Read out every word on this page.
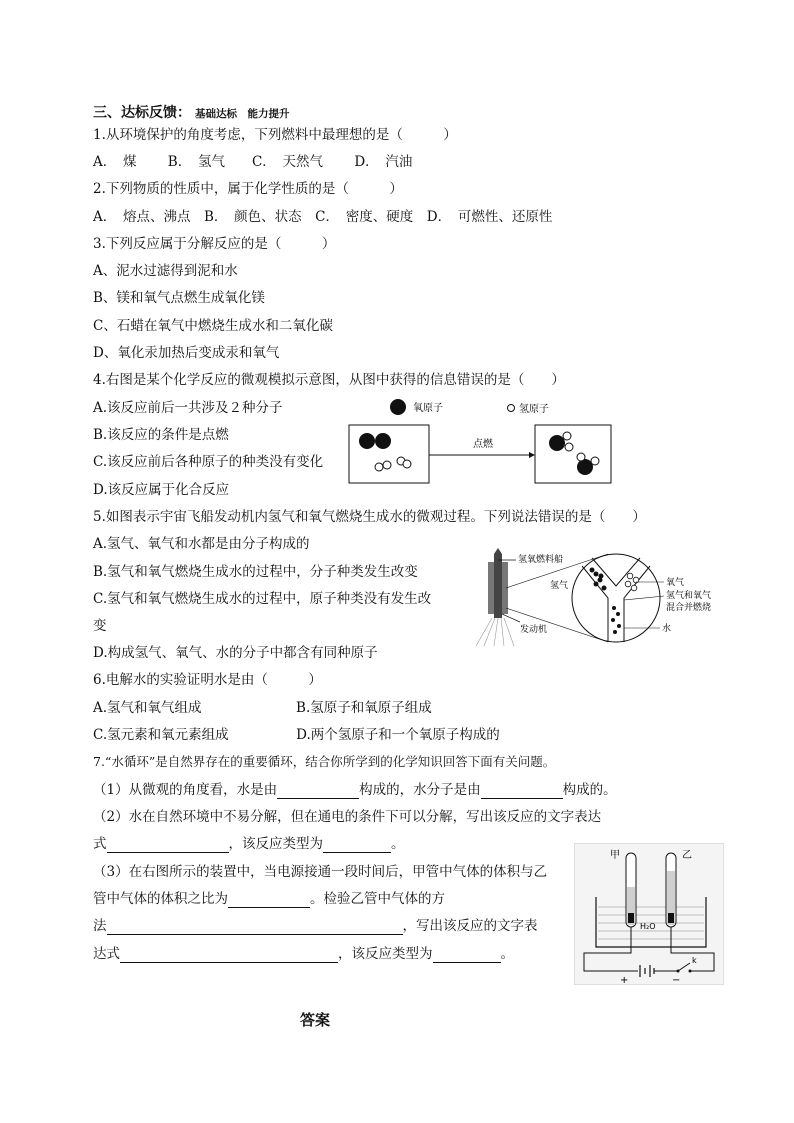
三、达标反馈： 基础达标　能力提升
1.从环境保护的角度考虑，下列燃料中最理想的是（　　　）
A．　煤　　 B．　氢气　　C．　天然气　　 D．　汽油
2.下列物质的性质中，属于化学性质的是（　　　）
A．　熔点、沸点　B．　颜色、状态　C．　密度、硬度　D．　可燃性、还原性
3.下列反应属于分解反应的是（　　　）
A、泥水过滤得到泥和水
B、镁和氧气点燃生成氧化镁
C、石蜡在氧气中燃烧生成水和二氧化碳
D、氧化汞加热后变成汞和氧气
4.右图是某个化学反应的微观模拟示意图，从图中获得的信息错误的是（　　）
A.该反应前后一共涉及２种分子
B.该反应的条件是点燃
C.该反应前后各种原子的种类没有变化
D.该反应属于化合反应
氧原子	氢原子
点燃
5.如图表示宇宙飞船发动机内氢气和氧气燃烧生成水的微观过程。下列说法错误的是（　　）
A.氢气、氧气和水都是由分子构成的
B.氢气和氧气燃烧生成水的过程中，分子种类发生改变
C.氢气和氧气燃烧生成水的过程中，原子种类没有发生改
变
D.构成氢气、氧气、水的分子中都含有同种原子
氢氧燃料船
发动机
氢气	氧气
氢气和氧气
混合并燃烧
水
6.电解水的实验证明水是由（　　　）
A.氢气和氧气组成　　　　　　　B.氢原子和氧原子组成
C.氢元素和氧元素组成　　　　　D.两个氢原子和一个氧原子构成的
7.“水循环”是自然界存在的重要循环，结合你所学到的化学知识回答下面有关问题。
（1）从微观的角度看，水是由	构成的，水分子是由	构成的。
（2）水在自然环境中不易分解，但在通电的条件下可以分解，写出该反应的文字表达
式	，该反应类型为	。
（3）在右图所示的装置中，当电源接通一段时间后，甲管中气体的体积与乙
管中气体的体积之比为	。检验乙管中气体的方
法	，写出该反应的文字表
达式	，该反应类型为	。
甲	乙
H₂O
k
+	−
答案
